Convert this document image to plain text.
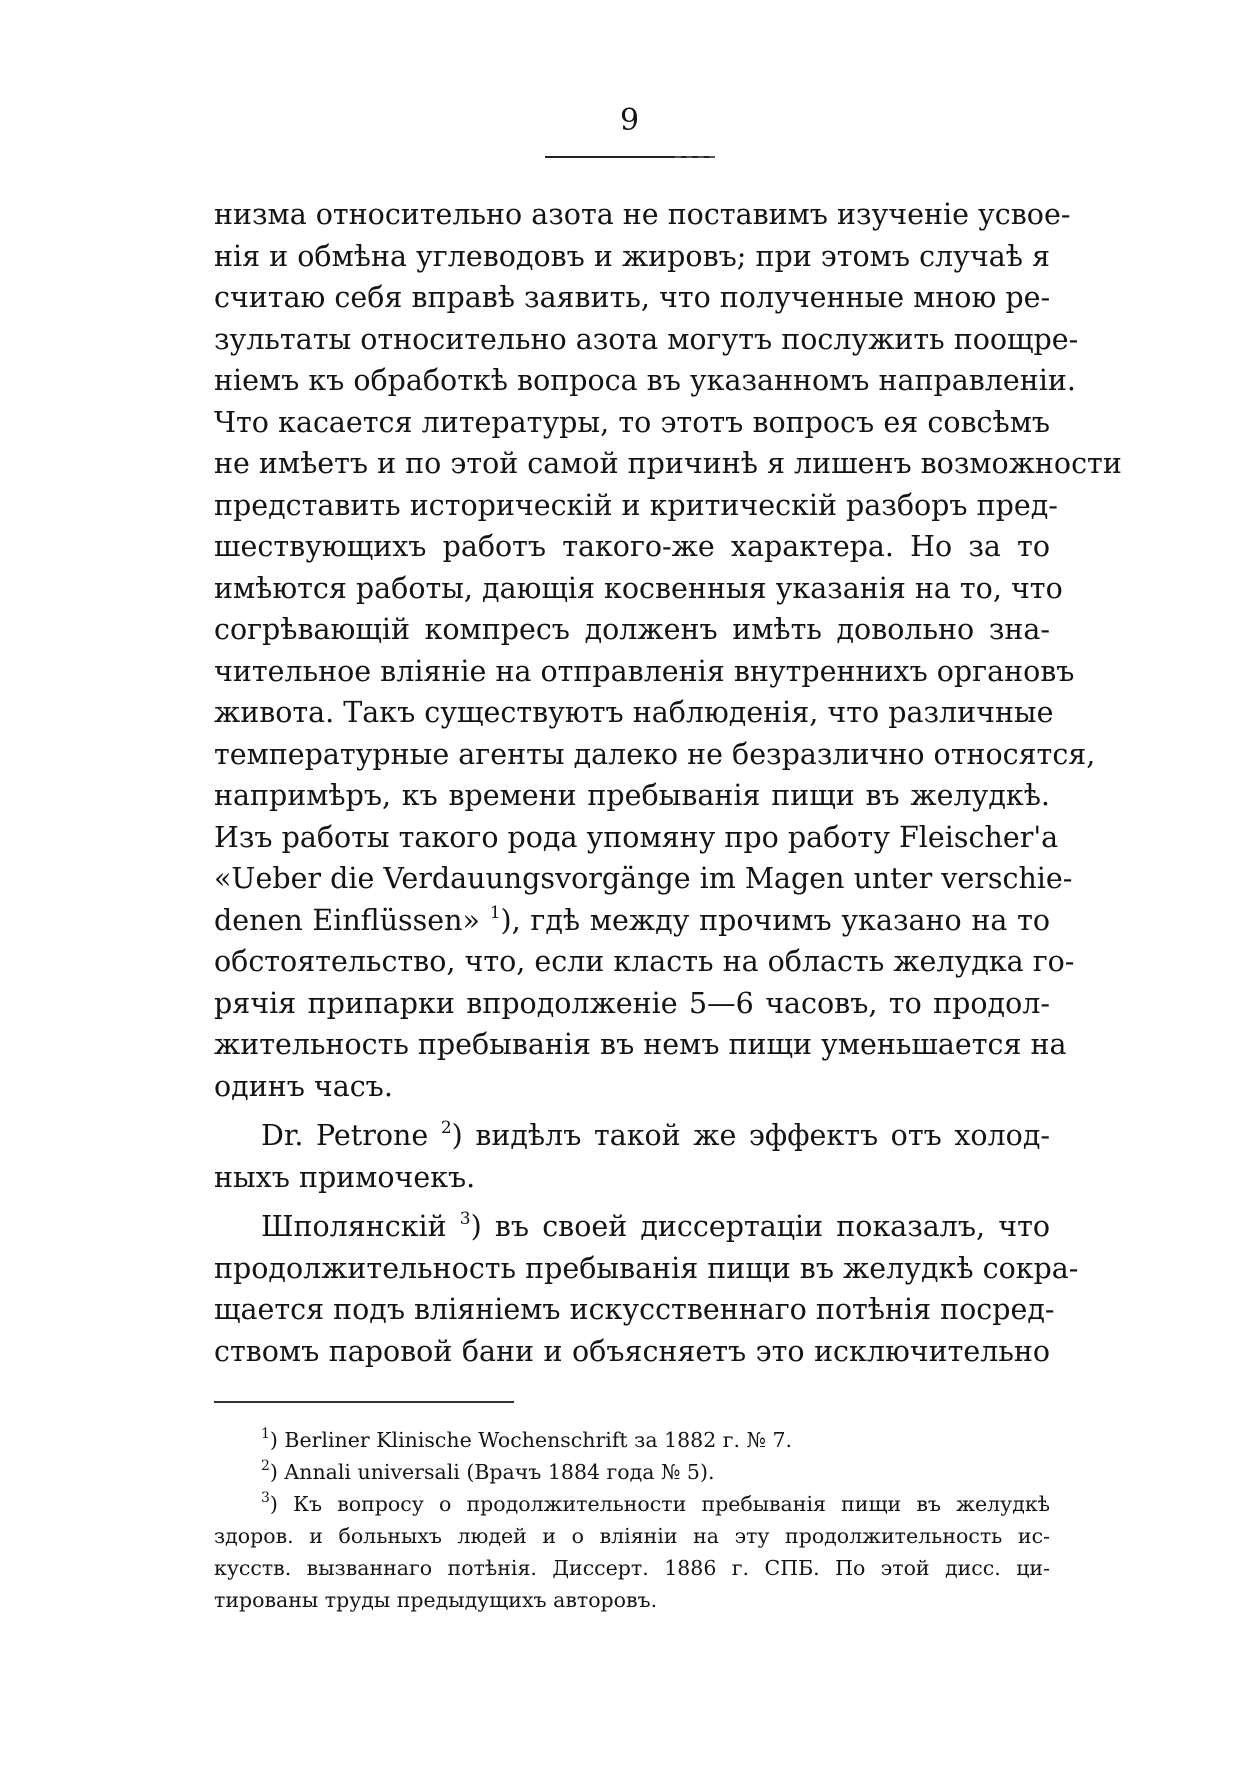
9
низма относительно азота не поставимъ изученіе усвое-
нія и обмѣна углеводовъ и жировъ; при этомъ случаѣ я
считаю себя вправѣ заявить, что полученные мною ре-
зультаты относительно азота могутъ послужить поощре-
ніемъ къ обработкѣ вопроса въ указанномъ направленіи.
Что касается литературы, то этотъ вопросъ ея совсѣмъ
не имѣетъ и по этой самой причинѣ я лишенъ возможности
представить историческій и критическій разборъ пред-
шествующихъ работъ такого-же характера. Но за то
имѣются работы, дающія косвенныя указанія на то, что
согрѣвающій компресъ долженъ имѣть довольно зна-
чительное вліяніе на отправленія внутреннихъ органовъ
живота. Такъ существуютъ наблюденія, что различные
температурные агенты далеко не безразлично относятся,
напримѣръ, къ времени пребыванія пищи въ желудкѣ.
Изъ работы такого рода упомяну про работу Fleischer'a
«Ueber die Verdauungsvorgänge im Magen unter verschie-
denen Einflüssen» $^1$), гдѣ между прочимъ указано на то
обстоятельство, что, если класть на область желудка го-
рячія припарки впродолженіе 5—6 часовъ, то продол-
жительность пребыванія въ немъ пищи уменьшается на
одинъ часъ.
Dr. Petrone $^2$) видѣлъ такой же эффектъ отъ холод-
ныхъ примочекъ.
Шполянскій $^3$) въ своей диссертаціи показалъ, что
продолжительность пребыванія пищи въ желудкѣ сокра-
щается подъ вліяніемъ искусственнаго потѣнія посред-
ствомъ паровой бани и объясняетъ это исключительно
$^1$) Berliner Klinische Wochenschrift за 1882 г. № 7.
$^2$) Annali universali (Врачъ 1884 года № 5).
$^3$) Къ вопросу о продолжительности пребыванія пищи въ желудкѣ
здоров. и больныхъ людей и о вліяніи на эту продолжительность ис-
кусств. вызваннаго потѣнія. Диссерт. 1886 г. СПБ. По этой дисс. ци-
тированы труды предыдущихъ авторовъ.
